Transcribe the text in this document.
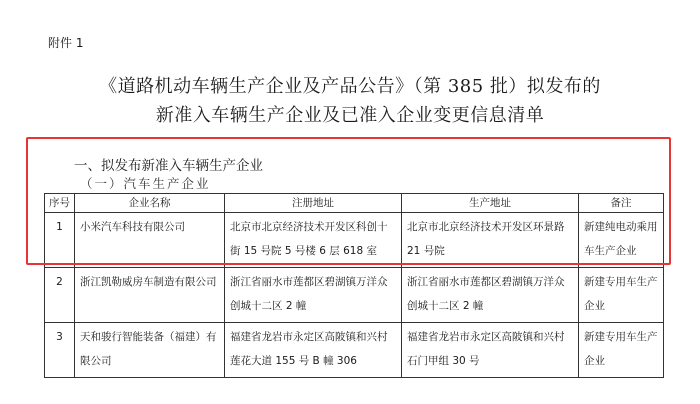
附件 1
《道路机动车辆生产企业及产品公告》（第 385 批）拟发布的
新准入车辆生产企业及已准入企业变更信息清单
一、拟发布新准入车辆生产企业
（一）汽车生产企业
序号	企业名称	注册地址	生产地址	备注
1	小米汽车科技有限公司	北京市北京经济技术开发区科创十街 15 号院 5 号楼 6 层 618 室	北京市北京经济技术开发区环景路 21 号院	新建纯电动乘用车生产企业
2	浙江凯勒威房车制造有限公司	浙江省丽水市莲都区碧湖镇万洋众创城十二区 2 幢	浙江省丽水市莲都区碧湖镇万洋众创城十二区 2 幢	新建专用车生产企业
3	天和骏行智能装备（福建）有限公司	福建省龙岩市永定区高陂镇和兴村莲花大道 155 号 B 幢 306	福建省龙岩市永定区高陂镇和兴村石门甲组 30 号	新建专用车生产企业
